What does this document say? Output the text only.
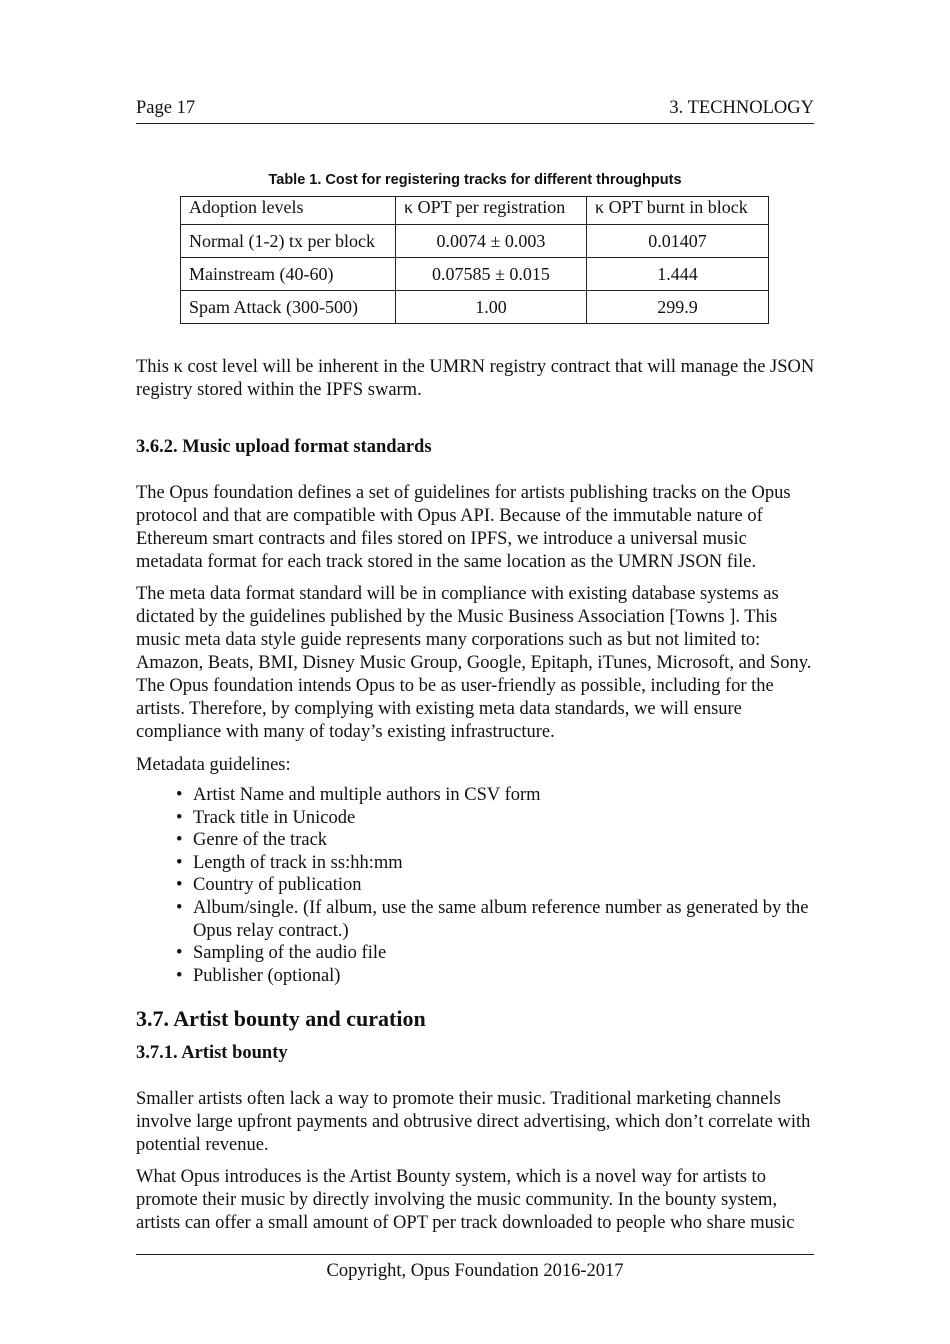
Page 17	3. TECHNOLOGY
Table 1. Cost for registering tracks for different throughputs
Adoption levels	κ OPT per registration	κ OPT burnt in block
Normal (1-2) tx per block	0.0074 ± 0.003	0.01407
Mainstream (40-60)	0.07585 ± 0.015	1.444
Spam Attack (300-500)	1.00	299.9

This κ cost level will be inherent in the UMRN registry contract that will manage the JSON registry stored within the IPFS swarm.

3.6.2. Music upload format standards

The Opus foundation defines a set of guidelines for artists publishing tracks on the Opus protocol and that are compatible with Opus API. Because of the immutable nature of Ethereum smart contracts and files stored on IPFS, we introduce a universal music metadata format for each track stored in the same location as the UMRN JSON file.

The meta data format standard will be in compliance with existing database systems as dictated by the guidelines published by the Music Business Association [Towns ]. This music meta data style guide represents many corporations such as but not limited to: Amazon, Beats, BMI, Disney Music Group, Google, Epitaph, iTunes, Microsoft, and Sony. The Opus foundation intends Opus to be as user-friendly as possible, including for the artists. Therefore, by complying with existing meta data standards, we will ensure compliance with many of today’s existing infrastructure.

Metadata guidelines:

• Artist Name and multiple authors in CSV form
• Track title in Unicode
• Genre of the track
• Length of track in ss:hh:mm
• Country of publication
• Album/single. (If album, use the same album reference number as generated by the Opus relay contract.)
• Sampling of the audio file
• Publisher (optional)
3.7. Artist bounty and curation
3.7.1. Artist bounty

Smaller artists often lack a way to promote their music. Traditional marketing channels involve large upfront payments and obtrusive direct advertising, which don’t correlate with potential revenue.

What Opus introduces is the Artist Bounty system, which is a novel way for artists to promote their music by directly involving the music community. In the bounty system, artists can offer a small amount of OPT per track downloaded to people who share music

Copyright, Opus Foundation 2016-2017
